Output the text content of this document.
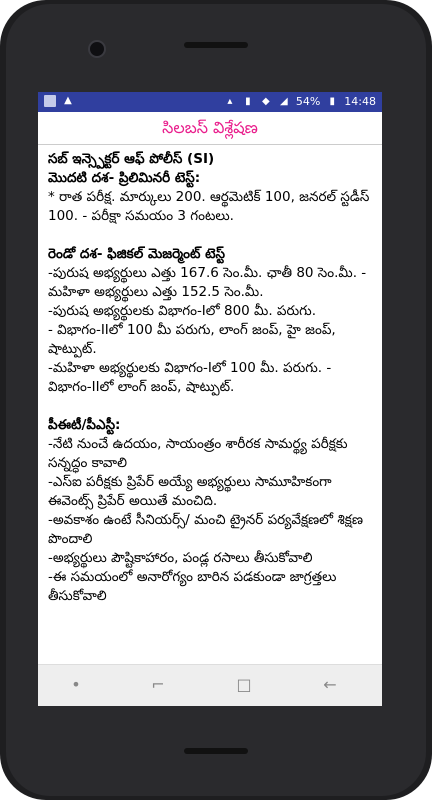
▲	▴	▮	◆ ◢ 54% ▮ 14:48
సిలబస్ విశ్లేషణ

సబ్ ఇన్స్పెక్టర్ ఆఫ్ పోలీస్ (SI)

మొదటి దశ- ప్రిలిమినరీ టెస్ట్:

* రాత పరీక్ష. మార్కులు 200. ఆర్థమెటిక్ 100, జనరల్ స్టడీస్ 100. - పరీక్షా సమయం 3 గంటలు.

రెండో దశ- ఫిజికల్ మెజర్మెంట్ టెస్ట్

-పురుష అభ్యర్థులు ఎత్తు 167.6 సెం.మీ. ఛాతీ 80 సెం.మీ. - మహిళా అభ్యర్థులు ఎత్తు 152.5 సెం.మీ.

-పురుష అభ్యర్థులకు విభాగం-Iలో 800 మీ. పరుగు.

- విభాగం-IIలో 100 మీ పరుగు, లాంగ్ జంప్, హై జంప్, షాట్పుట్.

-మహిళా అభ్యర్థులకు విభాగం-Iలో 100 మీ. పరుగు. - విభాగం-IIలో లాంగ్ జంప్, షాట్పుట్.

పీఈటీ/పీఎస్టీ:

-నేటి నుంచే ఉదయం, సాయంత్రం శారీరక సామర్థ్య పరీక్షకు సన్నద్ధం కావాలి

-ఎస్ఐ పరీక్షకు ప్రిపేర్ అయ్యే అభ్యర్థులు సామూహికంగా ఈవెంట్స్ ప్రిపేర్ అయితే మంచిది.

-అవకాశం ఉంటే సీనియర్స్/ మంచి ట్రైనర్ పర్యవేక్షణలో శిక్షణ పొందాలి

-అభ్యర్థులు పౌష్టికాహారం, పండ్ల రసాలు తీసుకోవాలి

-ఈ సమయంలో అనారోగ్యం బారిన పడకుండా జాగ్రత్తలు తీసుకోవాలి

•	⌐	□	←
